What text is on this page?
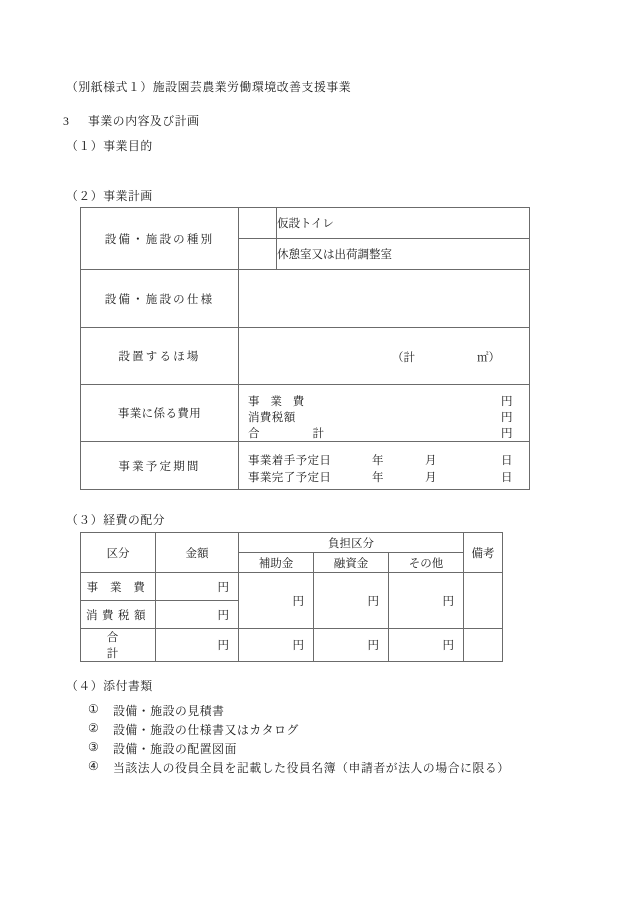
（別紙様式１）施設園芸農業労働環境改善支援事業
3 事業の内容及び計画
（１）事業目的
（２）事業計画
設備・施設の種別		仮設トイレ
		休憩室又は出荷調整室
設備・施設の仕様		
設置するほ場	（計 ㎡）	

事業に係る費用	
事 業 費	円
消費税額	円
合　　計	円

事業予定期間	事業着手予定日	年	月	日
事業完了予定日	年	月	日
（３）経費の配分
区分	金額	負担区分			備考
		補助金	融資金	その他	
事 業 費	円	円	円	円	
消費税額	円				
合　　計	円	円	円	円	
（４）添付書類
① 設備・施設の見積書
② 設備・施設の仕様書又はカタログ
③ 設備・施設の配置図面
④ 当該法人の役員全員を記載した役員名簿（申請者が法人の場合に限る）
